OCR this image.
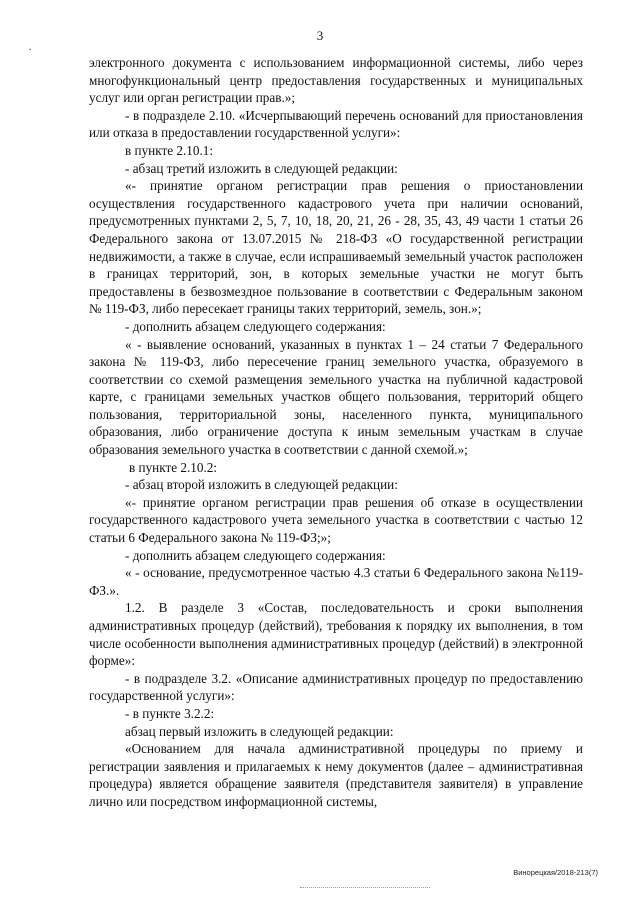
3
·

электронного документа с использованием информационной системы, либо через многофункциональный центр предоставления государственных и муниципальных услуг или орган регистрации прав.»;

- в подразделе 2.10. «Исчерпывающий перечень оснований для приостановления или отказа в предоставлении государственной услуги»:

в пункте 2.10.1:

- абзац третий изложить в следующей редакции:

«- принятие органом регистрации прав решения о приостановлении осуществления государственного кадастрового учета при наличии оснований, предусмотренных пунктами 2, 5, 7, 10, 18, 20, 21, 26 - 28, 35, 43, 49 части 1 статьи 26 Федерального закона от 13.07.2015 № 218-ФЗ «О государственной регистрации недвижимости, а также в случае, если испрашиваемый земельный участок расположен в границах территорий, зон, в которых земельные участки не могут быть предоставлены в безвозмездное пользование в соответствии с Федеральным законом № 119-ФЗ, либо пересекает границы таких территорий, земель, зон.»;

- дополнить абзацем следующего содержания:

« - выявление оснований, указанных в пунктах 1 – 24 статьи 7 Федерального закона № 119-ФЗ, либо пересечение границ земельного участка, образуемого в соответствии со схемой размещения земельного участка на публичной кадастровой карте, с границами земельных участков общего пользования, территорий общего пользования, территориальной зоны, населенного пункта, муниципального образования, либо ограничение доступа к иным земельным участкам в случае образования земельного участка в соответствии с данной схемой.»;

в пункте 2.10.2:

- абзац второй изложить в следующей редакции:

«- принятие органом регистрации прав решения об отказе в осуществлении государственного кадастрового учета земельного участка в соответствии с частью 12 статьи 6 Федерального закона № 119-ФЗ;»;

- дополнить абзацем следующего содержания:

« - основание, предусмотренное частью 4.3 статьи 6 Федерального закона №119-ФЗ.».

1.2. В разделе 3 «Состав, последовательность и сроки выполнения административных процедур (действий), требования к порядку их выполнения, в том числе особенности выполнения административных процедур (действий) в электронной форме»:

- в подразделе 3.2. «Описание административных процедур по предоставлению государственной услуги»:

- в пункте 3.2.2:

абзац первый изложить в следующей редакции:

«Основанием для начала административной процедуры по приему и регистрации заявления и прилагаемых к нему документов (далее – административная процедура) является обращение заявителя (представителя заявителя) в управление лично или посредством информационной системы,

Винорецкая/2018-213(7)
